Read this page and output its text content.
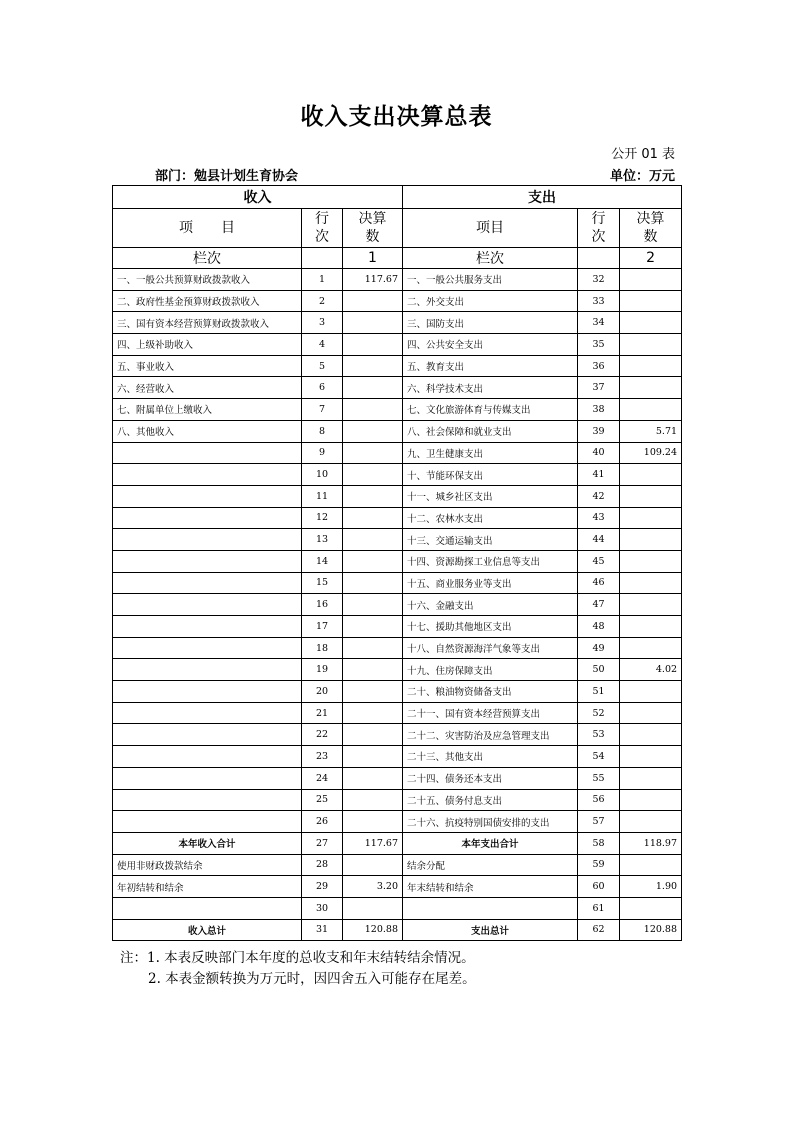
收入支出决算总表
公开 01 表
部门：勉县计划生育协会	单位：万元
收入			支出		
项　　目	行次	决算数	项目	行次	决算数
栏次		1	栏次		2
一、一般公共预算财政拨款收入	1	117.67	一、一般公共服务支出	32	
二、政府性基金预算财政拨款收入	2		二、外交支出	33	
三、国有资本经营预算财政拨款收入	3		三、国防支出	34	
四、上级补助收入	4		四、公共安全支出	35	
五、事业收入	5		五、教育支出	36	
六、经营收入	6		六、科学技术支出	37	
七、附属单位上缴收入	7		七、文化旅游体育与传媒支出	38	
八、其他收入	8		八、社会保障和就业支出	39	5.71
	9		九、卫生健康支出	40	109.24
	10		十、节能环保支出	41	
	11		十一、城乡社区支出	42	
	12		十二、农林水支出	43	
	13		十三、交通运输支出	44	
	14		十四、资源勘探工业信息等支出	45	
	15		十五、商业服务业等支出	46	
	16		十六、金融支出	47	
	17		十七、援助其他地区支出	48	
	18		十八、自然资源海洋气象等支出	49	
	19		十九、住房保障支出	50	4.02
	20		二十、粮油物资储备支出	51	
	21		二十一、国有资本经营预算支出	52	
	22		二十二、灾害防治及应急管理支出	53	
	23		二十三、其他支出	54	
	24		二十四、债务还本支出	55	
	25		二十五、债务付息支出	56	
	26		二十六、抗疫特别国债安排的支出	57	
本年收入合计	27	117.67	本年支出合计	58	118.97
使用非财政拨款结余	28		结余分配	59	
年初结转和结余	29	3.20	年末结转和结余	60	1.90
	30			61	
收入总计	31	120.88	支出总计	62	120.88
注：1. 本表反映部门本年度的总收支和年末结转结余情况。
2. 本表金额转换为万元时，因四舍五入可能存在尾差。
